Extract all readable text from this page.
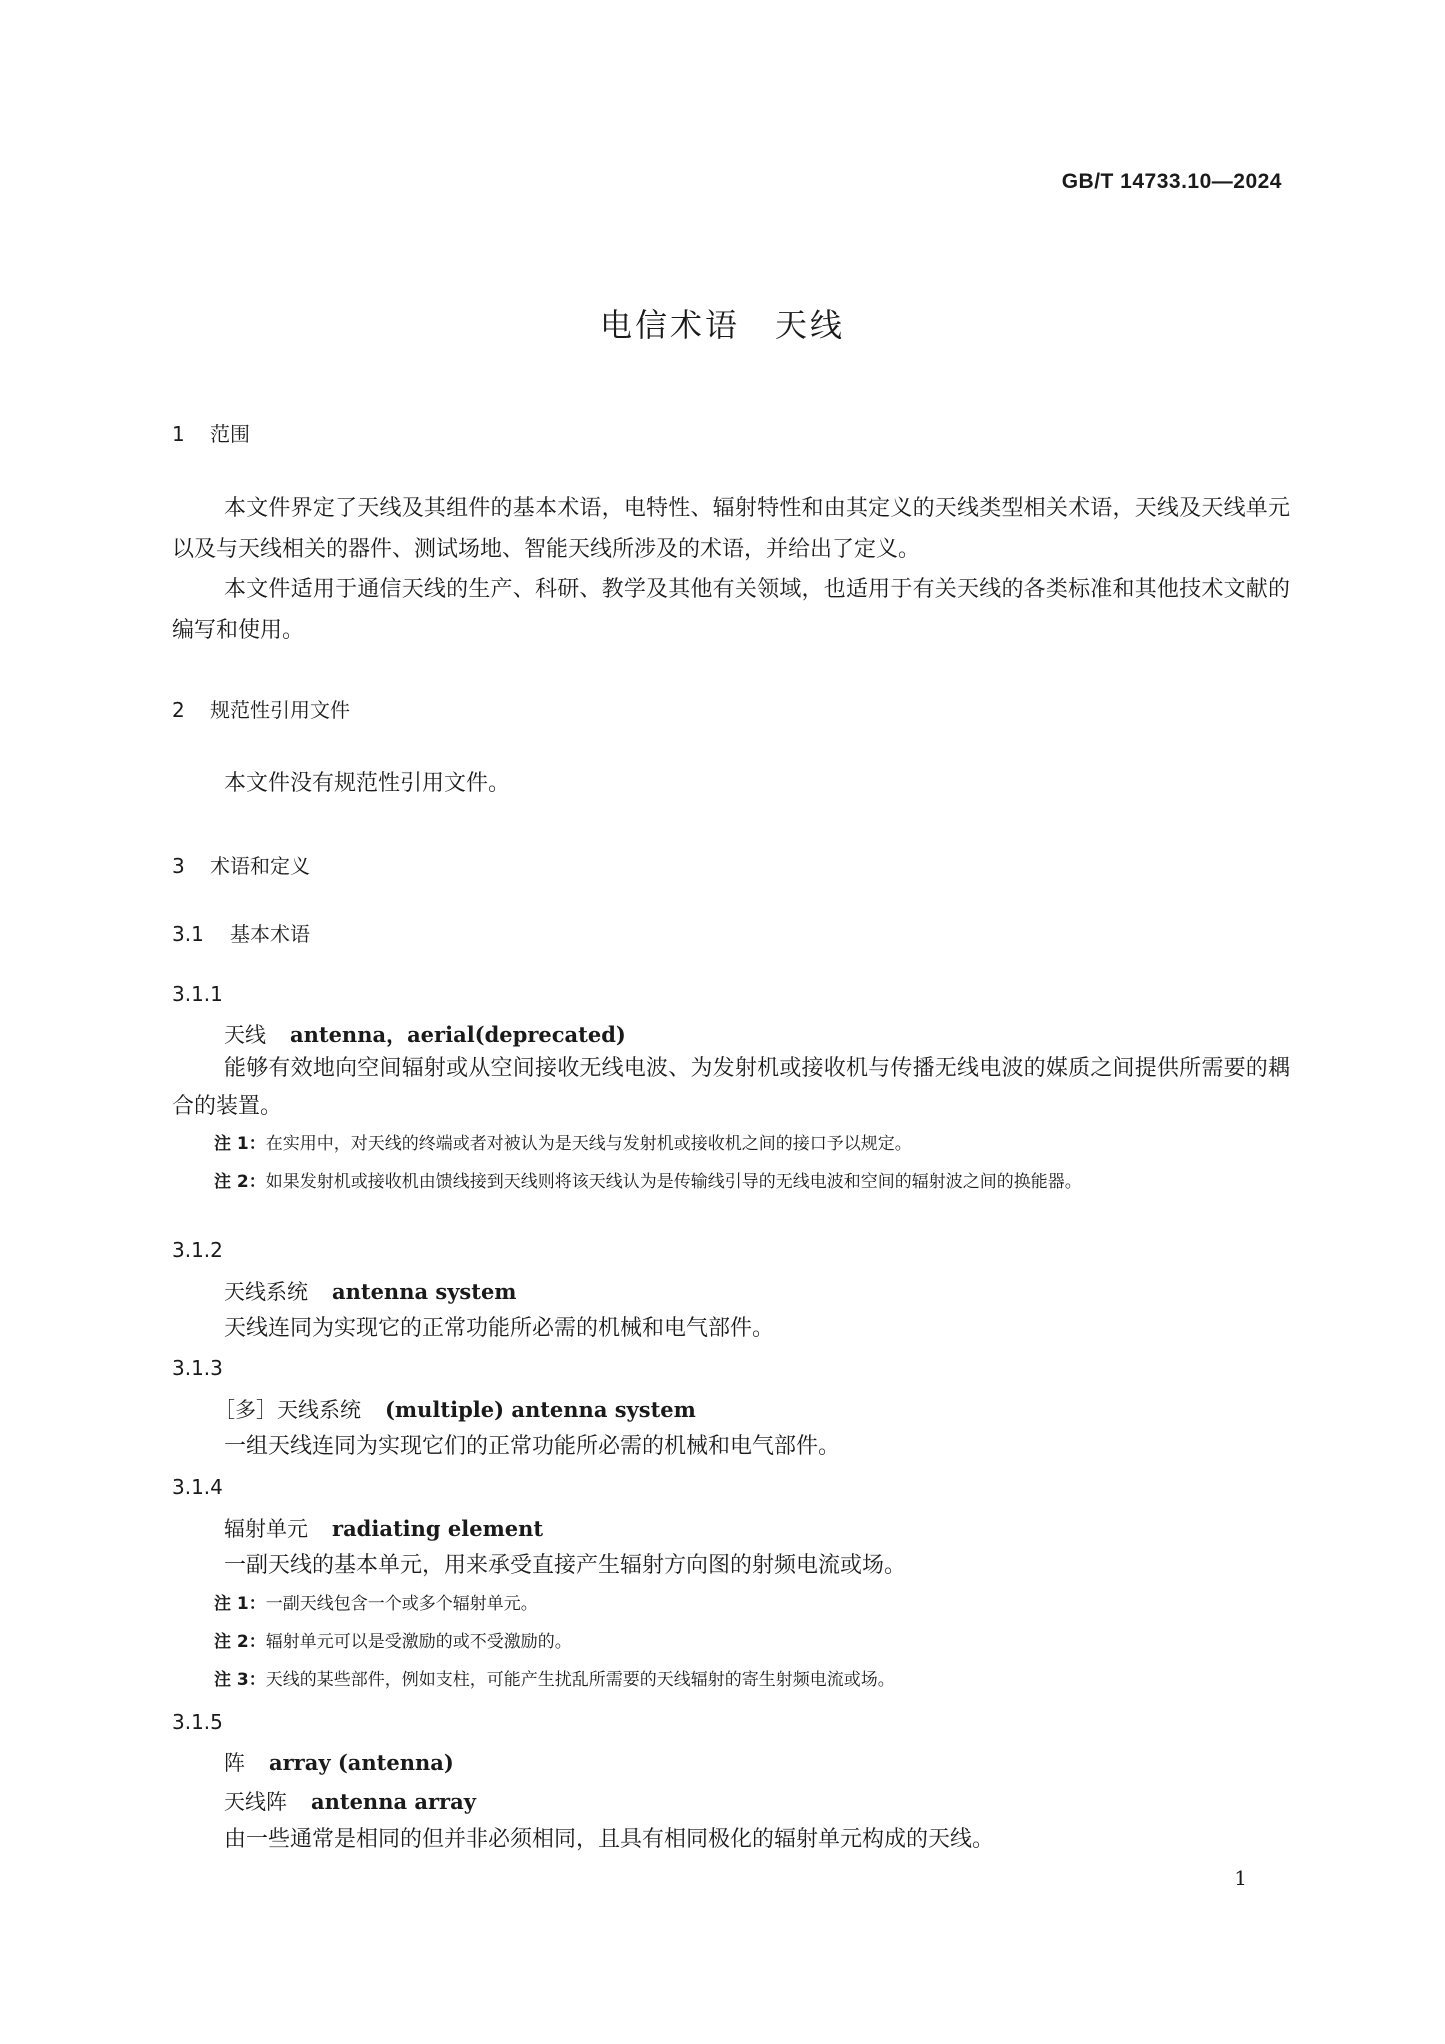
GB/T 14733.10—2024
电信术语　天线
1 范围
本文件界定了天线及其组件的基本术语，电特性、辐射特性和由其定义的天线类型相关术语，天线及天线单元以及与天线相关的器件、测试场地、智能天线所涉及的术语，并给出了定义。
本文件适用于通信天线的生产、科研、教学及其他有关领域，也适用于有关天线的各类标准和其他技术文献的编写和使用。
2 规范性引用文件
本文件没有规范性引用文件。
3 术语和定义
3.1 基本术语
3.1.1
天线 antenna，aerial(deprecated)
能够有效地向空间辐射或从空间接收无线电波、为发射机或接收机与传播无线电波的媒质之间提供所需要的耦合的装置。
注 1：在实用中，对天线的终端或者对被认为是天线与发射机或接收机之间的接口予以规定。
注 2：如果发射机或接收机由馈线接到天线则将该天线认为是传输线引导的无线电波和空间的辐射波之间的换能器。
3.1.2
天线系统 antenna system
天线连同为实现它的正常功能所必需的机械和电气部件。
3.1.3
［多］天线系统 (multiple) antenna system
一组天线连同为实现它们的正常功能所必需的机械和电气部件。
3.1.4
辐射单元 radiating element
一副天线的基本单元，用来承受直接产生辐射方向图的射频电流或场。
注 1：一副天线包含一个或多个辐射单元。
注 2：辐射单元可以是受激励的或不受激励的。
注 3：天线的某些部件，例如支柱，可能产生扰乱所需要的天线辐射的寄生射频电流或场。
3.1.5
阵 array (antenna)
天线阵 antenna array
由一些通常是相同的但并非必须相同，且具有相同极化的辐射单元构成的天线。
1
